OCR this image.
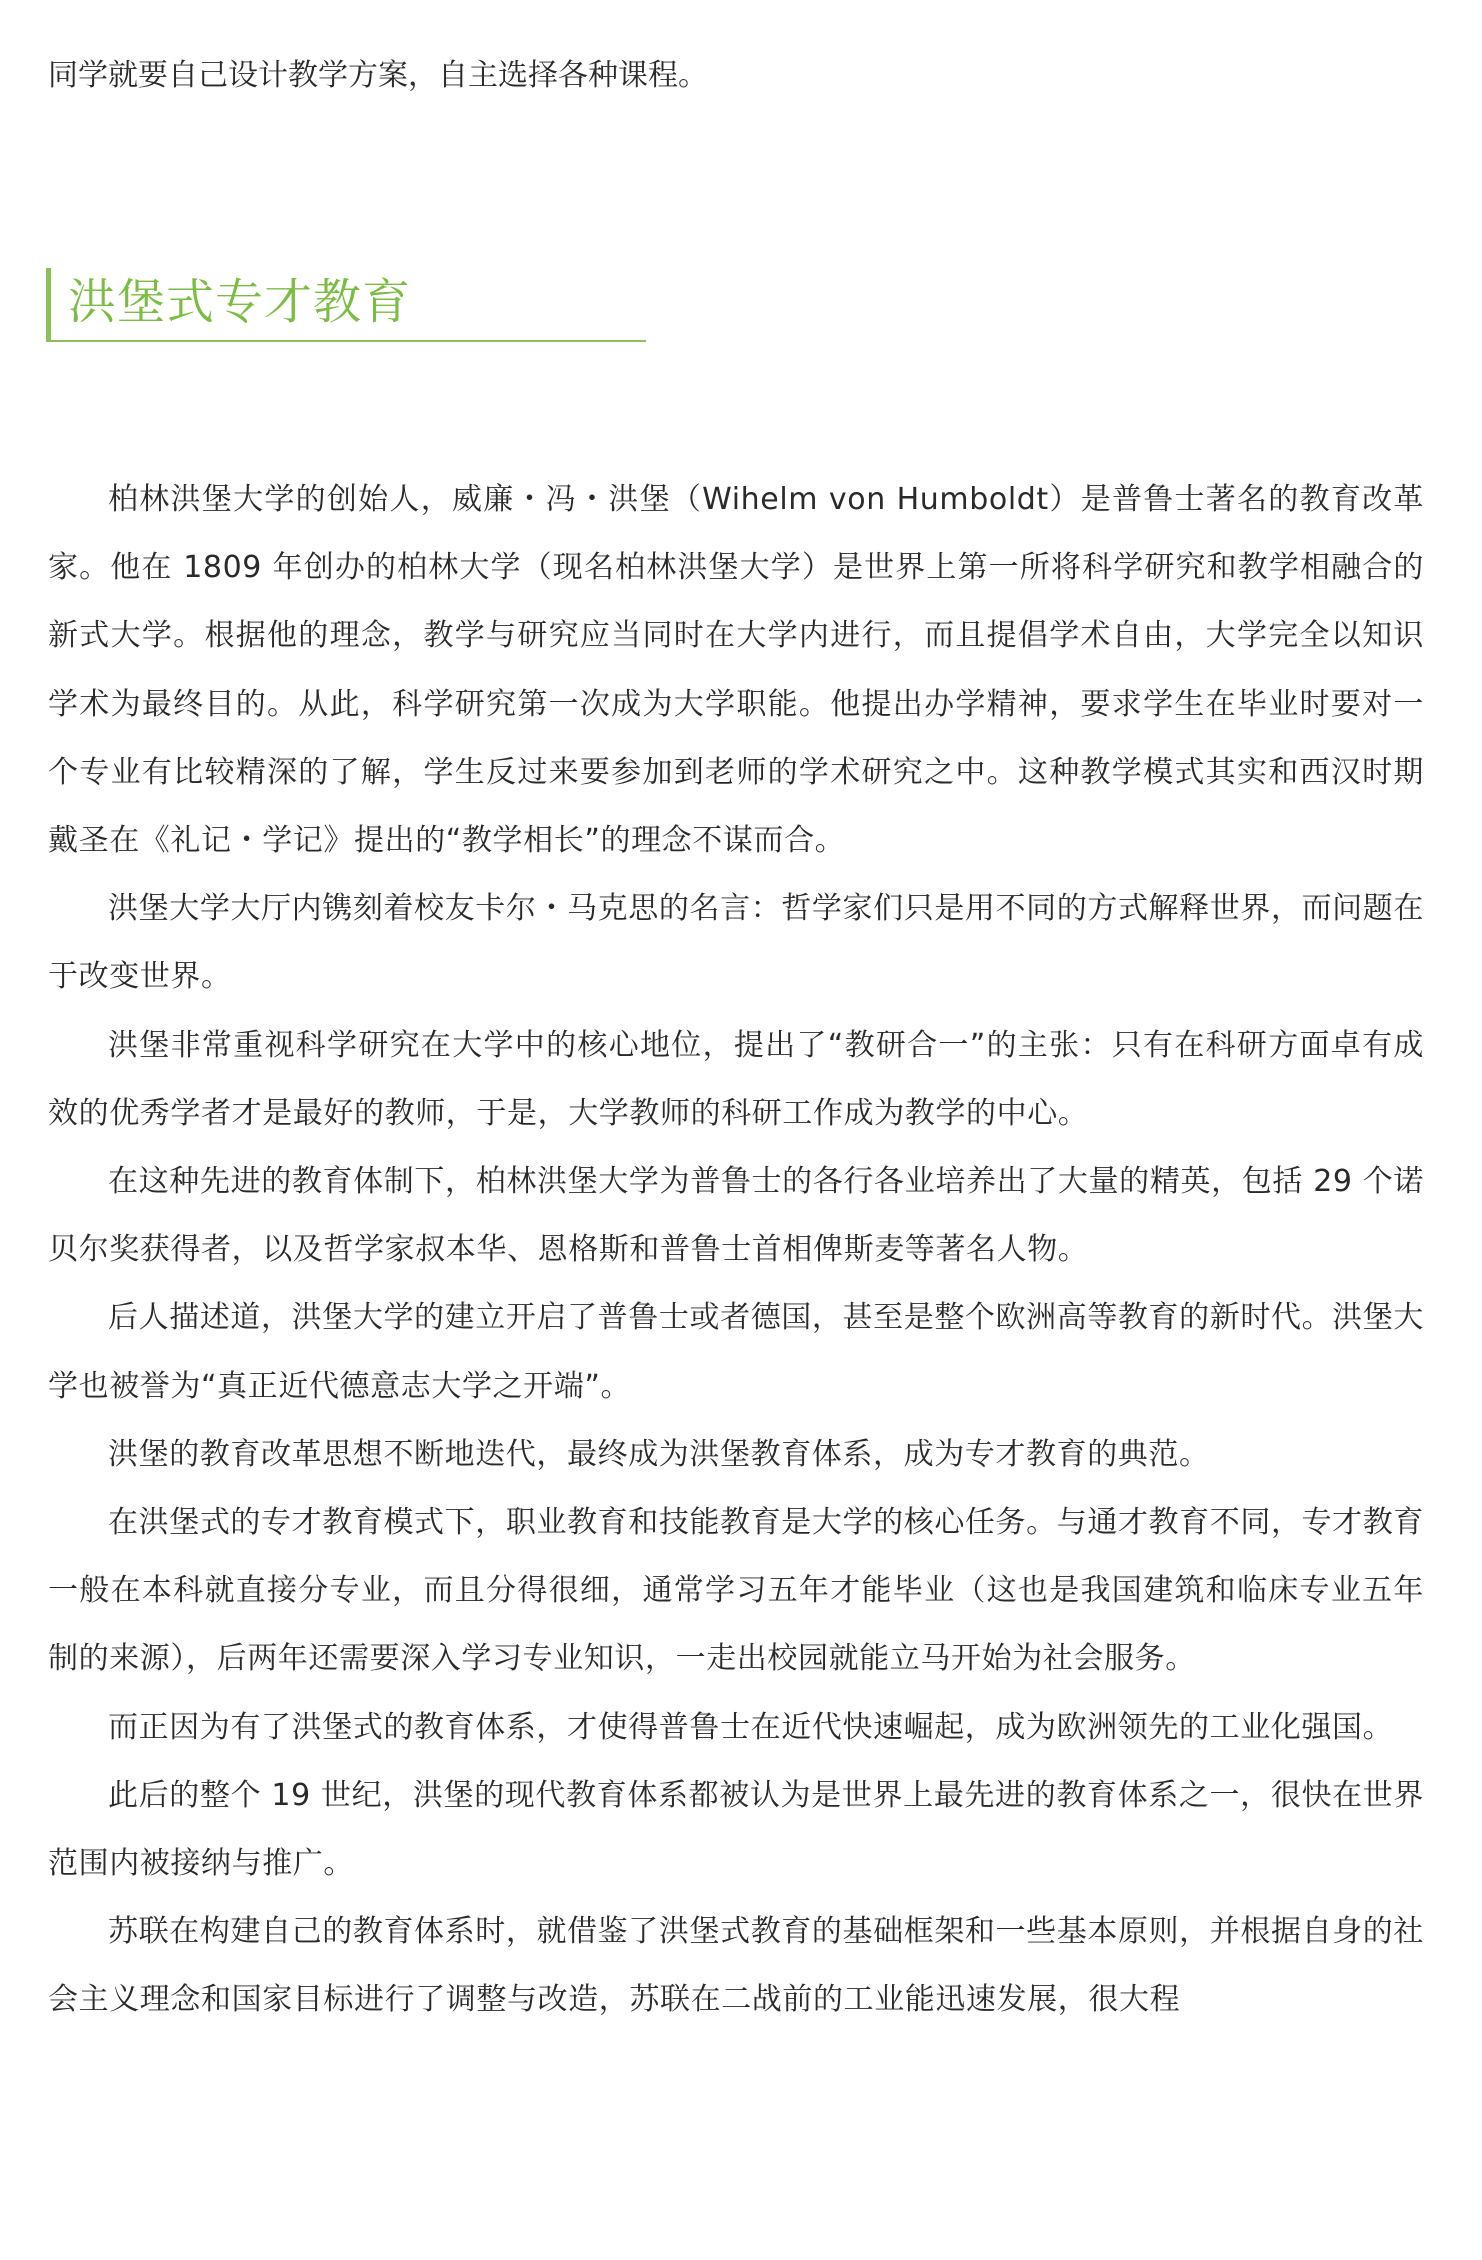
同学就要自己设计教学方案，自主选择各种课程。

洪堡式专才教育

柏林洪堡大学的创始人，威廉・冯・洪堡（Wihelm von Humboldt）是普鲁士著名的教育改革家。他在 1809 年创办的柏林大学（现名柏林洪堡大学）是世界上第一所将科学研究和教学相融合的新式大学。根据他的理念，教学与研究应当同时在大学内进行，而且提倡学术自由，大学完全以知识学术为最终目的。从此，科学研究第一次成为大学职能。他提出办学精神，要求学生在毕业时要对一个专业有比较精深的了解，学生反过来要参加到老师的学术研究之中。这种教学模式其实和西汉时期戴圣在《礼记・学记》提出的“教学相长”的理念不谋而合。

洪堡大学大厅内镌刻着校友卡尔・马克思的名言：哲学家们只是用不同的方式解释世界，而问题在于改变世界。

洪堡非常重视科学研究在大学中的核心地位，提出了“教研合一”的主张：只有在科研方面卓有成效的优秀学者才是最好的教师，于是，大学教师的科研工作成为教学的中心。

在这种先进的教育体制下，柏林洪堡大学为普鲁士的各行各业培养出了大量的精英，包括 29 个诺贝尔奖获得者，以及哲学家叔本华、恩格斯和普鲁士首相俾斯麦等著名人物。

后人描述道，洪堡大学的建立开启了普鲁士或者德国，甚至是整个欧洲高等教育的新时代。洪堡大学也被誉为“真正近代德意志大学之开端”。

洪堡的教育改革思想不断地迭代，最终成为洪堡教育体系，成为专才教育的典范。

在洪堡式的专才教育模式下，职业教育和技能教育是大学的核心任务。与通才教育不同，专才教育一般在本科就直接分专业，而且分得很细，通常学习五年才能毕业（这也是我国建筑和临床专业五年制的来源），后两年还需要深入学习专业知识，一走出校园就能立马开始为社会服务。

而正因为有了洪堡式的教育体系，才使得普鲁士在近代快速崛起，成为欧洲领先的工业化强国。

此后的整个 19 世纪，洪堡的现代教育体系都被认为是世界上最先进的教育体系之一，很快在世界范围内被接纳与推广。

苏联在构建自己的教育体系时，就借鉴了洪堡式教育的基础框架和一些基本原则，并根据自身的社会主义理念和国家目标进行了调整与改造，苏联在二战前的工业能迅速发展，很大程
